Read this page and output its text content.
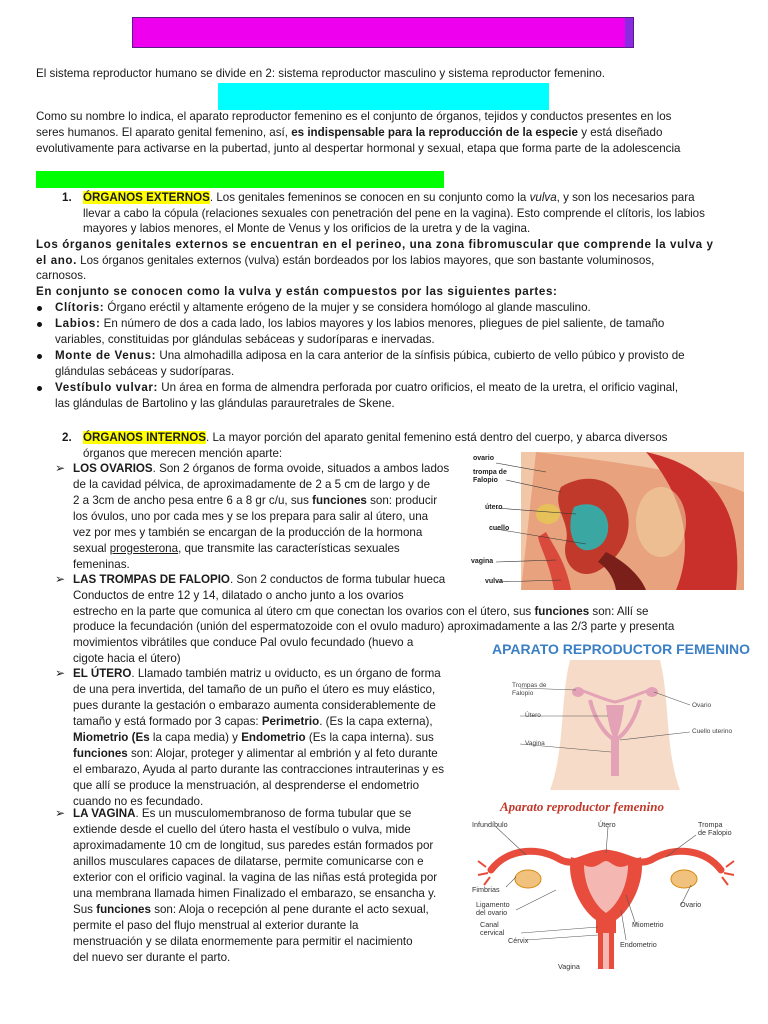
El sistema reproductor humano se divide en 2: sistema reproductor masculino y sistema reproductor femenino.
Como su nombre lo indica, el aparato reproductor femenino es el conjunto de órganos, tejidos y conductos presentes en los
seres humanos. El aparato genital femenino, así, es indispensable para la reproducción de la especie y está diseñado
evolutivamente para activarse en la pubertad, junto al despertar hormonal y sexual, etapa que forma parte de la adolescencia
1. ÓRGANOS EXTERNOS. Los genitales femeninos se conocen en su conjunto como la vulva, y son los necesarios para
llevar a cabo la cópula (relaciones sexuales con penetración del pene en la vagina). Esto comprende el clítoris, los labios
mayores y labios menores, el Monte de Venus y los orificios de la uretra y de la vagina.
Los órganos genitales externos se encuentran en el perineo, una zona fibromuscular que comprende la vulva y
el ano. Los órganos genitales externos (vulva) están bordeados por los labios mayores, que son bastante voluminosos,
carnosos.
En conjunto se conocen como la vulva y están compuestos por las siguientes partes:
Clítoris: Órgano eréctil y altamente erógeno de la mujer y se considera homólogo al glande masculino.
Labios: En número de dos a cada lado, los labios mayores y los labios menores, pliegues de piel saliente, de tamaño
variables, constituidas por glándulas sebáceas y sudoríparas e inervadas.
Monte de Venus: Una almohadilla adiposa en la cara anterior de la sínfisis púbica, cubierto de vello púbico y provisto de
glándulas sebáceas y sudoríparas.
Vestíbulo vulvar: Un área en forma de almendra perforada por cuatro orificios, el meato de la uretra, el orificio vaginal,
las glándulas de Bartolino y las glándulas parauretrales de Skene.
2. ÓRGANOS INTERNOS. La mayor porción del aparato genital femenino está dentro del cuerpo, y abarca diversos
órganos que merecen mención aparte:
➢ LOS OVARIOS. Son 2 órganos de forma ovoide, situados a ambos lados
de la cavidad pélvica, de aproximadamente de 2 a 5 cm de largo y de
2 a 3cm de ancho pesa entre 6 a 8 gr c/u, sus funciones son: producir
los óvulos, uno por cada mes y se los prepara para salir al útero, una
vez por mes y también se encargan de la producción de la hormona
sexual progesterona, que transmite las características sexuales
femeninas.
➢ LAS TROMPAS DE FALOPIO. Son 2 conductos de forma tubular hueca
Conductos de entre 12 y 14, dilatado o ancho junto a los ovarios
estrecho en la parte que comunica al útero cm que conectan los ovarios con el útero, sus funciones son: Allí se
produce la fecundación (unión del espermatozoide con el ovulo maduro) aproximadamente a las 2/3 parte y presenta
movimientos vibrátiles que conduce Pal ovulo fecundado (huevo a
cigote hacia el útero)
➢ EL ÚTERO. Llamado también matriz u oviducto, es un órgano de forma
de una pera invertida, del tamaño de un puño el útero es muy elástico,
pues durante la gestación o embarazo aumenta considerablemente de
tamaño y está formado por 3 capas: Perimetrio. (Es la capa externa),
Miometrio (Es la capa media) y Endometrio (Es la capa interna). sus
funciones son: Alojar, proteger y alimentar al embrión y al feto durante
el embarazo, Ayuda al parto durante las contracciones intrauterinas y es
que allí se produce la menstruación, al desprenderse el endometrio
cuando no es fecundado.
➢ LA VAGINA. Es un musculomembranoso de forma tubular que se
extiende desde el cuello del útero hasta el vestíbulo o vulva, mide
aproximadamente 10 cm de longitud, sus paredes están formados por
anillos musculares capaces de dilatarse, permite comunicarse con e
exterior con el orificio vaginal. la vagina de las niñas está protegida por
una membrana llamada himen Finalizado el embarazo, se ensancha y.
Sus funciones son: Aloja o recepción al pene durante el acto sexual,
permite el paso del flujo menstrual al exterior durante la
menstruación y se dilata enormemente para permitir el nacimiento
del nuevo ser durante el parto.
ovario
trompa de
Falopio
útero
cuello
vagina
vulva
APARATO REPRODUCTOR FEMENINO
Trompas de
Falopio
Útero
Vagina
Ovario
Cuello uterino
Aparato reproductor femenino
Infundíbulo	Útero	Trompa
de Falopio
Fimbrias
Ovario
Ligamento
del ovario
Miometrio
Canal
cervical
Cérvix	Endometrio
Vagina
